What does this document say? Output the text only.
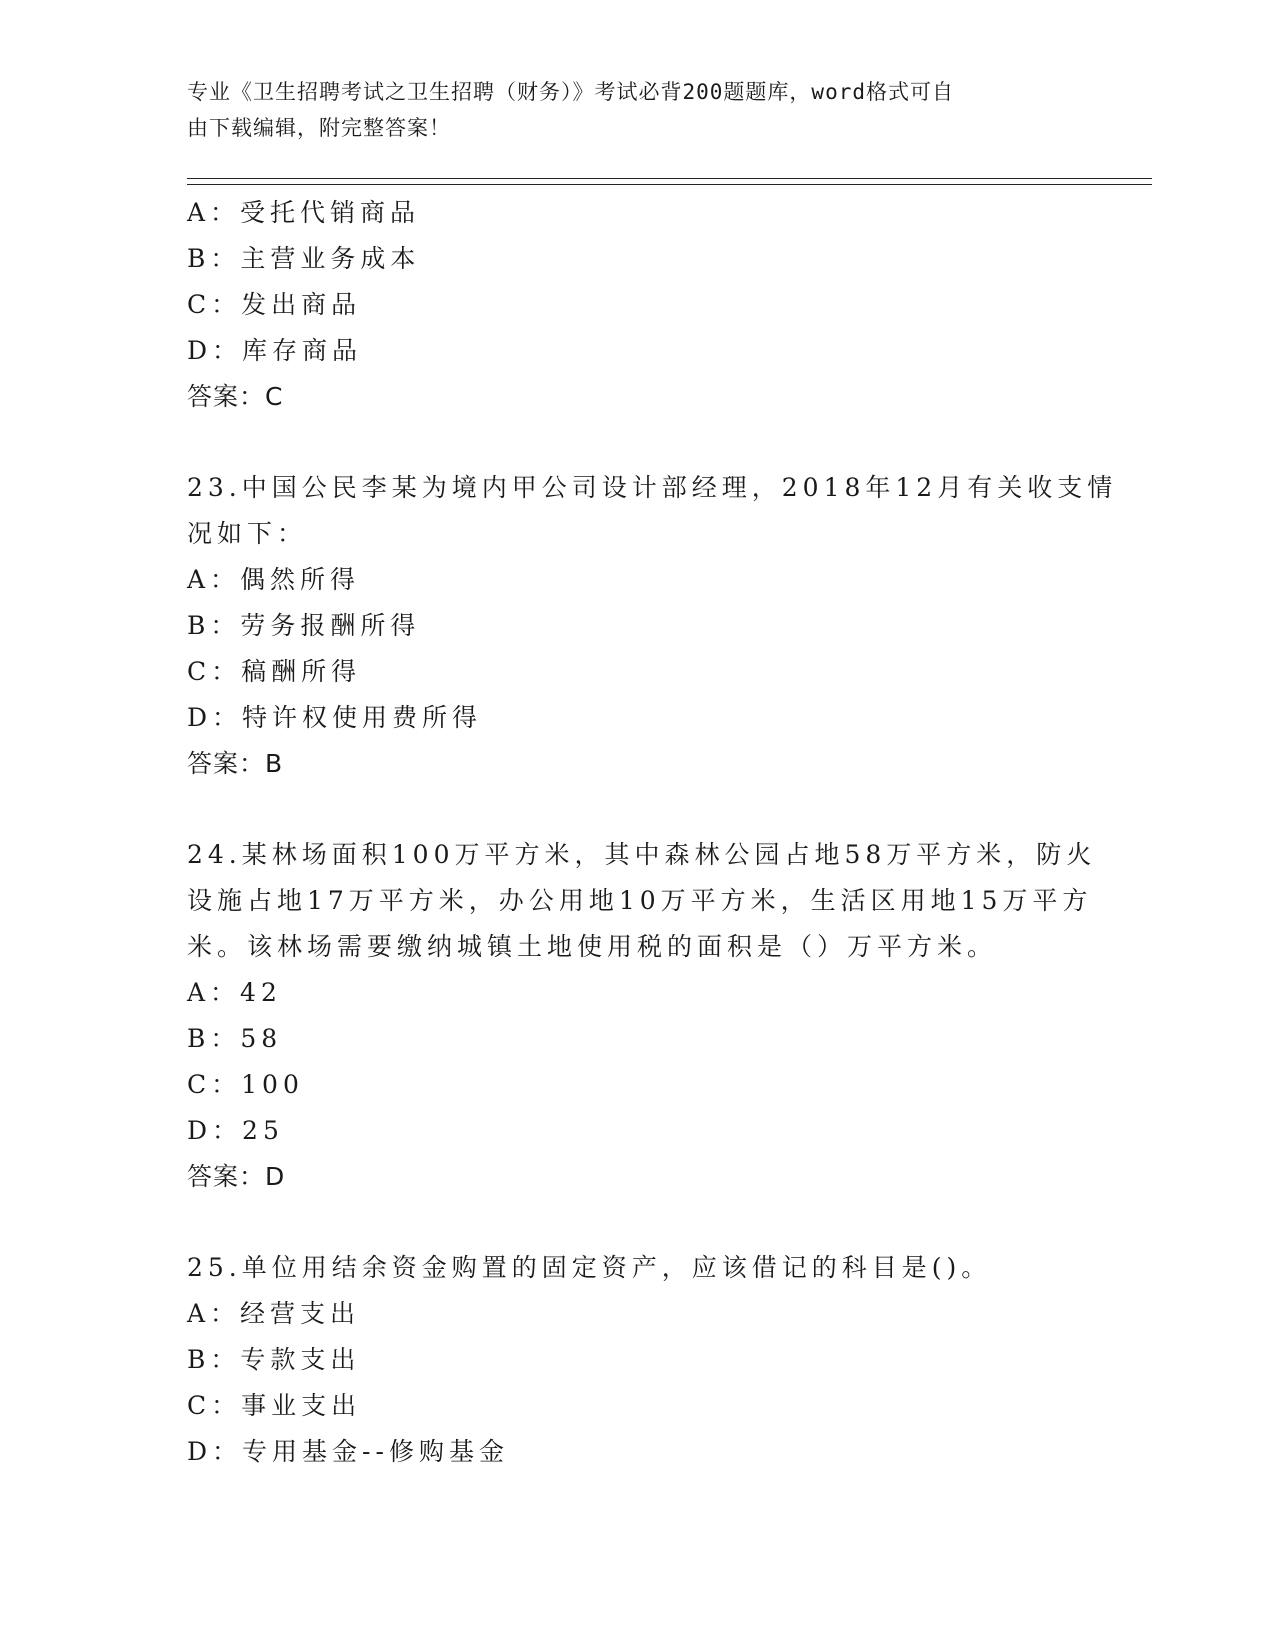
专业《卫生招聘考试之卫生招聘（财务）》考试必背200题题库，word格式可自
由下载编辑，附完整答案！
A：受托代销商品
B：主营业务成本
C：发出商品
D：库存商品
答案：C
23.中国公民李某为境内甲公司设计部经理，2018年12月有关收支情
况如下：
A：偶然所得
B：劳务报酬所得
C：稿酬所得
D：特许权使用费所得
答案：B
24.某林场面积100万平方米，其中森林公园占地58万平方米，防火
设施占地17万平方米，办公用地10万平方米，生活区用地15万平方
米。该林场需要缴纳城镇土地使用税的面积是（）万平方米。
A：42
B：58
C：100
D：25
答案：D
25.单位用结余资金购置的固定资产，应该借记的科目是()。
A：经营支出
B：专款支出
C：事业支出
D：专用基金--修购基金
